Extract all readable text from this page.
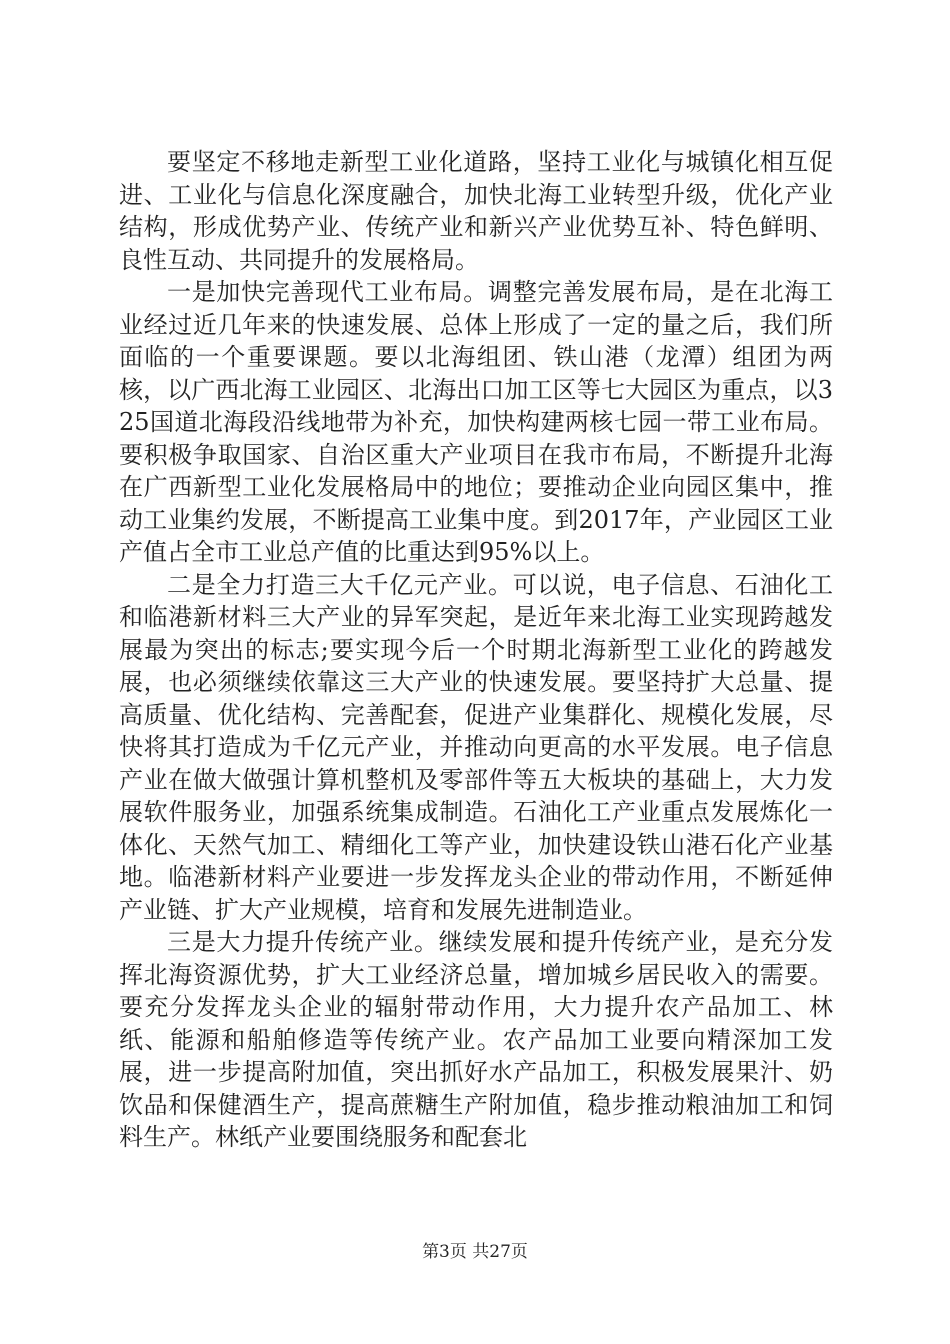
要坚定不移地走新型工业化道路，坚持工业化与城镇化相互促进、工业化与信息化深度融合，加快北海工业转型升级，优化产业结构，形成优势产业、传统产业和新兴产业优势互补、特色鲜明、良性互动、共同提升的发展格局。

一是加快完善现代工业布局。调整完善发展布局，是在北海工业经过近几年来的快速发展、总体上形成了一定的量之后，我们所面临的一个重要课题。要以北海组团、铁山港（龙潭）组团为两核，以广西北海工业园区、北海出口加工区等七大园区为重点，以325国道北海段沿线地带为补充，加快构建两核七园一带工业布局。要积极争取国家、自治区重大产业项目在我市布局，不断提升北海在广西新型工业化发展格局中的地位；要推动企业向园区集中，推动工业集约发展，不断提高工业集中度。到2017年，产业园区工业产值占全市工业总产值的比重达到95%以上。

二是全力打造三大千亿元产业。可以说，电子信息、石油化工和临港新材料三大产业的异军突起，是近年来北海工业实现跨越发展最为突出的标志;要实现今后一个时期北海新型工业化的跨越发展，也必须继续依靠这三大产业的快速发展。要坚持扩大总量、提高质量、优化结构、完善配套，促进产业集群化、规模化发展，尽快将其打造成为千亿元产业，并推动向更高的水平发展。电子信息产业在做大做强计算机整机及零部件等五大板块的基础上，大力发展软件服务业，加强系统集成制造。石油化工产业重点发展炼化一体化、天然气加工、精细化工等产业，加快建设铁山港石化产业基地。临港新材料产业要进一步发挥龙头企业的带动作用，不断延伸产业链、扩大产业规模，培育和发展先进制造业。

三是大力提升传统产业。继续发展和提升传统产业，是充分发挥北海资源优势，扩大工业经济总量，增加城乡居民收入的需要。要充分发挥龙头企业的辐射带动作用，大力提升农产品加工、林纸、能源和船舶修造等传统产业。农产品加工业要向精深加工发展，进一步提高附加值，突出抓好水产品加工，积极发展果汁、奶饮品和保健酒生产，提高蔗糖生产附加值，稳步推动粮油加工和饲料生产。林纸产业要围绕服务和配套北

第3页 共27页
